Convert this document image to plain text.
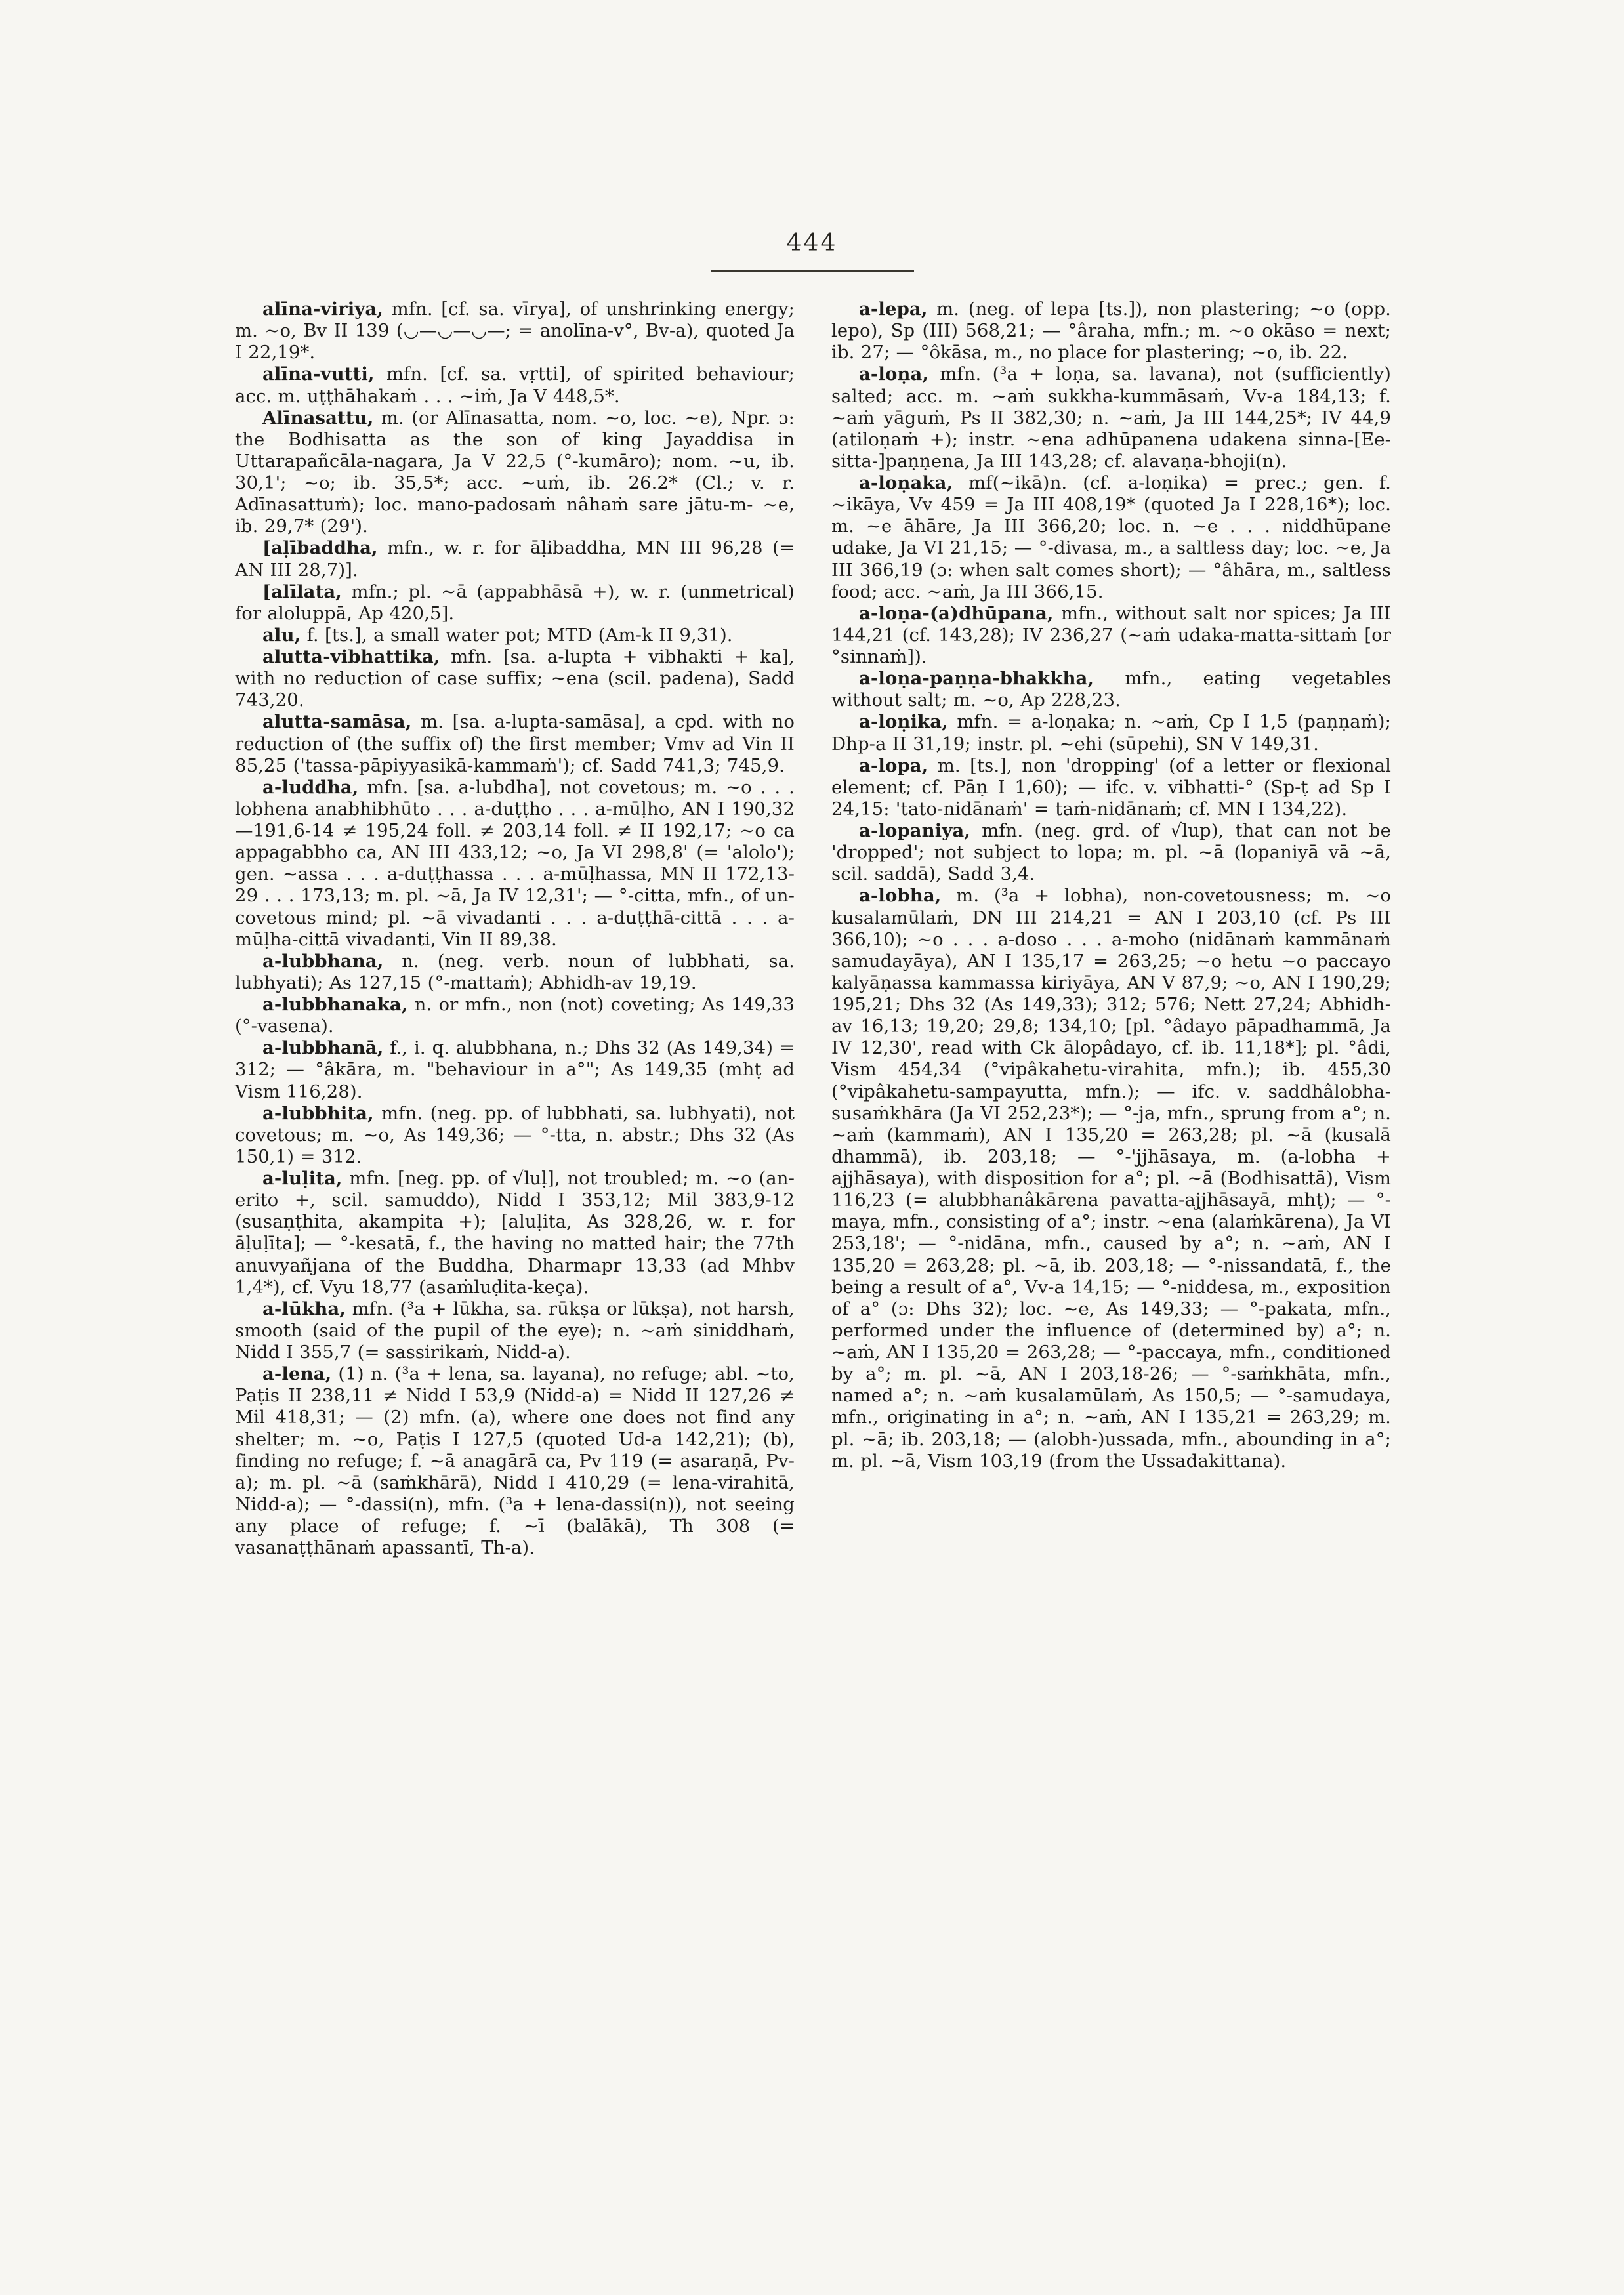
444

alīna-viriya, mfn. [cf. sa. vīrya], of unshrinking energy; m. ~o, Bv II 139 (◡—◡—◡—; = anolīna-v°, Bv-a), quoted Ja I 22,19*.

alīna-vutti, mfn. [cf. sa. vṛtti], of spirited behaviour; acc. m. uṭṭhāhakaṁ . . . ~iṁ, Ja V 448,5*.

Alīnasattu, m. (or Alīnasatta, nom. ~o, loc. ~e), Npr. ɔ: the Bodhisatta as the son of king Jayaddisa in Uttarapañcāla-nagara, Ja V 22,5 (°-kumāro); nom. ~u, ib. 30,1'; ~o; ib. 35,5*; acc. ~uṁ, ib. 26.2* (Cl.; v. r. Adīnasattuṁ); loc. mano-padosaṁ nâhaṁ sare jātu-m- ~e, ib. 29,7* (29').

[aḷībaddha, mfn., w. r. for āḷibaddha, MN III 96,28 (= AN III 28,7)].

[alīlata, mfn.; pl. ~ā (appabhāsā +), w. r. (unmetrical) for aloluppā, Ap 420,5].

alu, f. [ts.], a small water pot; MTD (Am-k II 9,31).

alutta-vibhattika, mfn. [sa. a-lupta + vibhakti + ka], with no reduction of case suffix; ~ena (scil. padena), Sadd 743,20.

alutta-samāsa, m. [sa. a-lupta-samāsa], a cpd. with no reduction of (the suffix of) the first member; Vmv ad Vin II 85,25 ('tassa-pāpiyyasikā-kammaṁ'); cf. Sadd 741,3; 745,9.

a-luddha, mfn. [sa. a-lubdha], not covetous; m. ~o . . . lobhena anabhibhūto . . . a-duṭṭho . . . a-mūḷho, AN I 190,32—191,6-14 ≠ 195,24 foll. ≠ 203,14 foll. ≠ II 192,17; ~o ca appagabbho ca, AN III 433,12; ~o, Ja VI 298,8' (= 'alolo'); gen. ~assa . . . a-duṭṭhassa . . . a-mūḷhassa, MN II 172,13-29 . . . 173,13; m. pl. ~ā, Ja IV 12,31'; — °-citta, mfn., of un-covetous mind; pl. ~ā vivadanti . . . a-duṭṭhā-cittā . . . a-mūḷha-cittā vivadanti, Vin II 89,38.

a-lubbhana, n. (neg. verb. noun of lubbhati, sa. lubhyati); As 127,15 (°-mattaṁ); Abhidh-av 19,19.

a-lubbhanaka, n. or mfn., non (not) coveting; As 149,33 (°-vasena).

a-lubbhanā, f., i. q. alubbhana, n.; Dhs 32 (As 149,34) = 312; — °âkāra, m. "behaviour in a°"; As 149,35 (mhṭ ad Vism 116,28).

a-lubbhita, mfn. (neg. pp. of lubbhati, sa. lubhyati), not covetous; m. ~o, As 149,36; — °-tta, n. abstr.; Dhs 32 (As 150,1) = 312.

a-luḷita, mfn. [neg. pp. of √luḷ], not troubled; m. ~o (an-erito +, scil. samuddo), Nidd I 353,12; Mil 383,9-12 (susaṇṭhita, akampita +); [aluḷita, As 328,26, w. r. for āḷuḷīta]; — °-kesatā, f., the having no matted hair; the 77th anuvyañjana of the Buddha, Dharmapr 13,33 (ad Mhbv 1,4*), cf. Vyu 18,77 (asaṁluḍita-keça).

a-lūkha, mfn. (³a + lūkha, sa. rūkṣa or lūkṣa), not harsh, smooth (said of the pupil of the eye); n. ~aṁ siniddhaṁ, Nidd I 355,7 (= sassirikaṁ, Nidd-a).

a-lena, (1) n. (³a + lena, sa. layana), no refuge; abl. ~to, Paṭis II 238,11 ≠ Nidd I 53,9 (Nidd-a) = Nidd II 127,26 ≠ Mil 418,31; — (2) mfn. (a), where one does not find any shelter; m. ~o, Paṭis I 127,5 (quoted Ud-a 142,21); (b), finding no refuge; f. ~ā anagārā ca, Pv 119 (= asaraṇā, Pv-a); m. pl. ~ā (saṁkhārā), Nidd I 410,29 (= lena-virahitā, Nidd-a); — °-dassi(n), mfn. (³a + lena-dassi(n)), not seeing any place of refuge; f. ~ī (balākā), Th 308 (= vasanaṭṭhānaṁ apassantī, Th-a).

a-lepa, m. (neg. of lepa [ts.]), non plastering; ~o (opp. lepo), Sp (III) 568,21; — °âraha, mfn.; m. ~o okāso = next; ib. 27; — °ôkāsa, m., no place for plastering; ~o, ib. 22.

a-loṇa, mfn. (³a + loṇa, sa. lavana), not (sufficiently) salted; acc. m. ~aṁ sukkha-kummāsaṁ, Vv-a 184,13; f. ~aṁ yāguṁ, Ps II 382,30; n. ~aṁ, Ja III 144,25*; IV 44,9 (atiloṇaṁ +); instr. ~ena adhūpanena udakena sinna-[Ee-sitta-]paṇṇena, Ja III 143,28; cf. alavaṇa-bhoji(n).

a-loṇaka, mf(~ikā)n. (cf. a-loṇika) = prec.; gen. f. ~ikāya, Vv 459 = Ja III 408,19* (quoted Ja I 228,16*); loc. m. ~e āhāre, Ja III 366,20; loc. n. ~e . . . niddhūpane udake, Ja VI 21,15; — °-divasa, m., a saltless day; loc. ~e, Ja III 366,19 (ɔ: when salt comes short); — °âhāra, m., saltless food; acc. ~aṁ, Ja III 366,15.

a-loṇa-(a)dhūpana, mfn., without salt nor spices; Ja III 144,21 (cf. 143,28); IV 236,27 (~aṁ udaka-matta-sittaṁ [or °sinnaṁ]).

a-loṇa-paṇṇa-bhakkha, mfn., eating vegetables without salt; m. ~o, Ap 228,23.

a-loṇika, mfn. = a-loṇaka; n. ~aṁ, Cp I 1,5 (paṇṇaṁ); Dhp-a II 31,19; instr. pl. ~ehi (sūpehi), SN V 149,31.

a-lopa, m. [ts.], non 'dropping' (of a letter or flexional element; cf. Pāṇ I 1,60); — ifc. v. vibhatti-° (Sp-ṭ ad Sp I 24,15: 'tato-nidānaṁ' = taṁ-nidānaṁ; cf. MN I 134,22).

a-lopaniya, mfn. (neg. grd. of √lup), that can not be 'dropped'; not subject to lopa; m. pl. ~ā (lopaniyā vā ~ā, scil. saddā), Sadd 3,4.

a-lobha, m. (³a + lobha), non-covetousness; m. ~o kusalamūlaṁ, DN III 214,21 = AN I 203,10 (cf. Ps III 366,10); ~o . . . a-doso . . . a-moho (nidānaṁ kammānaṁ samudayāya), AN I 135,17 = 263,25; ~o hetu ~o paccayo kalyāṇassa kammassa kiriyāya, AN V 87,9; ~o, AN I 190,29; 195,21; Dhs 32 (As 149,33); 312; 576; Nett 27,24; Abhidh-av 16,13; 19,20; 29,8; 134,10; [pl. °âdayo pāpadhammā, Ja IV 12,30', read with Ck ālopâdayo, cf. ib. 11,18*]; pl. °âdi, Vism 454,34 (°vipâkahetu-virahita, mfn.); ib. 455,30 (°vipâkahetu-sampayutta, mfn.); — ifc. v. saddhâlobha-susaṁkhāra (Ja VI 252,23*); — °-ja, mfn., sprung from a°; n. ~aṁ (kammaṁ), AN I 135,20 = 263,28; pl. ~ā (kusalā dhammā), ib. 203,18; — °-'jjhāsaya, m. (a-lobha + ajjhāsaya), with disposition for a°; pl. ~ā (Bodhisattā), Vism 116,23 (= alubbhanâkārena pavatta-ajjhāsayā, mhṭ); — °-maya, mfn., consisting of a°; instr. ~ena (alaṁkārena), Ja VI 253,18'; — °-nidāna, mfn., caused by a°; n. ~aṁ, AN I 135,20 = 263,28; pl. ~ā, ib. 203,18; — °-nissandatā, f., the being a result of a°, Vv-a 14,15; — °-niddesa, m., exposition of a° (ɔ: Dhs 32); loc. ~e, As 149,33; — °-pakata, mfn., performed under the influence of (determined by) a°; n. ~aṁ, AN I 135,20 = 263,28; — °-paccaya, mfn., conditioned by a°; m. pl. ~ā, AN I 203,18-26; — °-saṁkhāta, mfn., named a°; n. ~aṁ kusalamūlaṁ, As 150,5; — °-samudaya, mfn., originating in a°; n. ~aṁ, AN I 135,21 = 263,29; m. pl. ~ā; ib. 203,18; — (alobh-)ussada, mfn., abounding in a°; m. pl. ~ā, Vism 103,19 (from the Ussadakittana).
